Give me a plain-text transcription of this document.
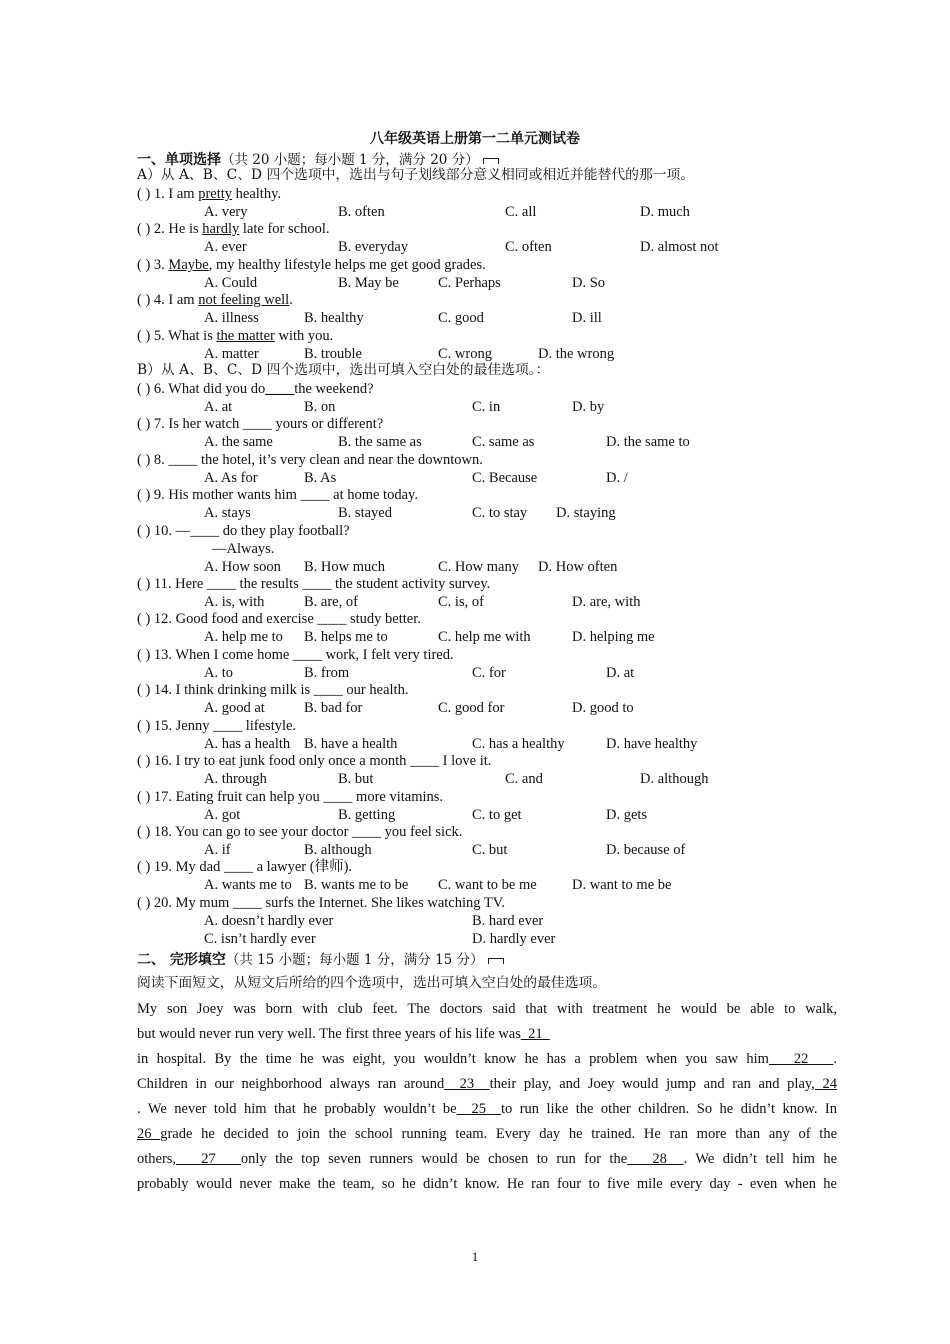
八年级英语上册第一二单元测试卷
一、单项选择（共 20 小题；每小题 1 分，满分 20 分）
A）从 A、B、C、D 四个选项中，选出与句子划线部分意义相同或相近并能替代的那一项。
B）从 A、B、C、D 四个选项中，选出可填入空白处的最佳选项。：
( ) 1. I am pretty healthy.
A. very	B. often	C. all	D. much
( ) 2. He is hardly late for school.
A. ever	B. everyday	C. often	D. almost not
( ) 3. Maybe, my healthy lifestyle helps me get good grades.
A. Could	B. May be	C. Perhaps	D. So
( ) 4. I am not feeling well.
A. illness	B. healthy	C. good	D. ill
( ) 5. What is the matter with you.
A. matter	B. trouble	C. wrong	D. the wrong
( ) 6. What did you do____the weekend?
A. at	B. on	C. in	D. by
( ) 7. Is her watch ____ yours or different?
A. the same	B. the same as	C. same as	D. the same to
( ) 8. ____ the hotel, it’s very clean and near the downtown.
A. As for	B. As	C. Because	D. /
( ) 9. His mother wants him ____ at home today.
A. stays	B. stayed	C. to stay D. staying
( ) 10. —____ do they play football?
—Always.
A. How soon B. How much	C. How many D. How often
( ) 11. Here ____ the results ____ the student activity survey.
A. is, with	B. are, of	C. is, of	D. are, with
( ) 12. Good food and exercise ____ study better.
A. help me to B. helps me to	C. help me with	D. helping me
( ) 13. When I come home ____ work, I felt very tired.
A. to	B. from	C. for	D. at
( ) 14. I think drinking milk is ____ our health.
A. good at	B. bad for	C. good for	D. good to
( ) 15. Jenny ____ lifestyle.
A. has a health B. have a health	C. has a healthy	D. have healthy
( ) 16. I try to eat junk food only once a month ____ I love it.
A. through	B. but	C. and	D. although
( ) 17. Eating fruit can help you ____ more vitamins.
A. got	B. getting	C. to get	D. gets
( ) 18. You can go to see your doctor ____ you feel sick.
A. if	B. although	C. but	D. because of
( ) 19. My dad ____ a lawyer (律师).
A. wants me to B. wants me to be C. want to be me D. want to me be
( ) 20. My mum ____ surfs the Internet. She likes watching TV.
A. doesn’t hardly ever	B. hard ever
C. isn’t hardly ever	D. hardly ever
二、 完形填空（共 15 小题；每小题 1 分，满分 15 分）
阅读下面短文，从短文后所给的四个选项中，选出可填入空白处的最佳选项。
My son Joey was born with club feet. The doctors said that with treatment he would be able to walk,
but would never run very well. The first three years of his life was 21
in hospital. By the time he was eight, you wouldn’t know he has a problem when you saw him 22 .
Children in our neighborhood always ran around 23 their play, and Joey would jump and ran and play, 24
. We never told him that he probably wouldn’t be 25 to run like the other children. So he didn’t know. In
26 grade he decided to join the school running team. Every day he trained. He ran more than any of the
others, 27 only the top seven runners would be chosen to run for the 28 . We didn’t tell him he
probably would never make the team, so he didn’t know. He ran four to five mile every day - even when he
1
